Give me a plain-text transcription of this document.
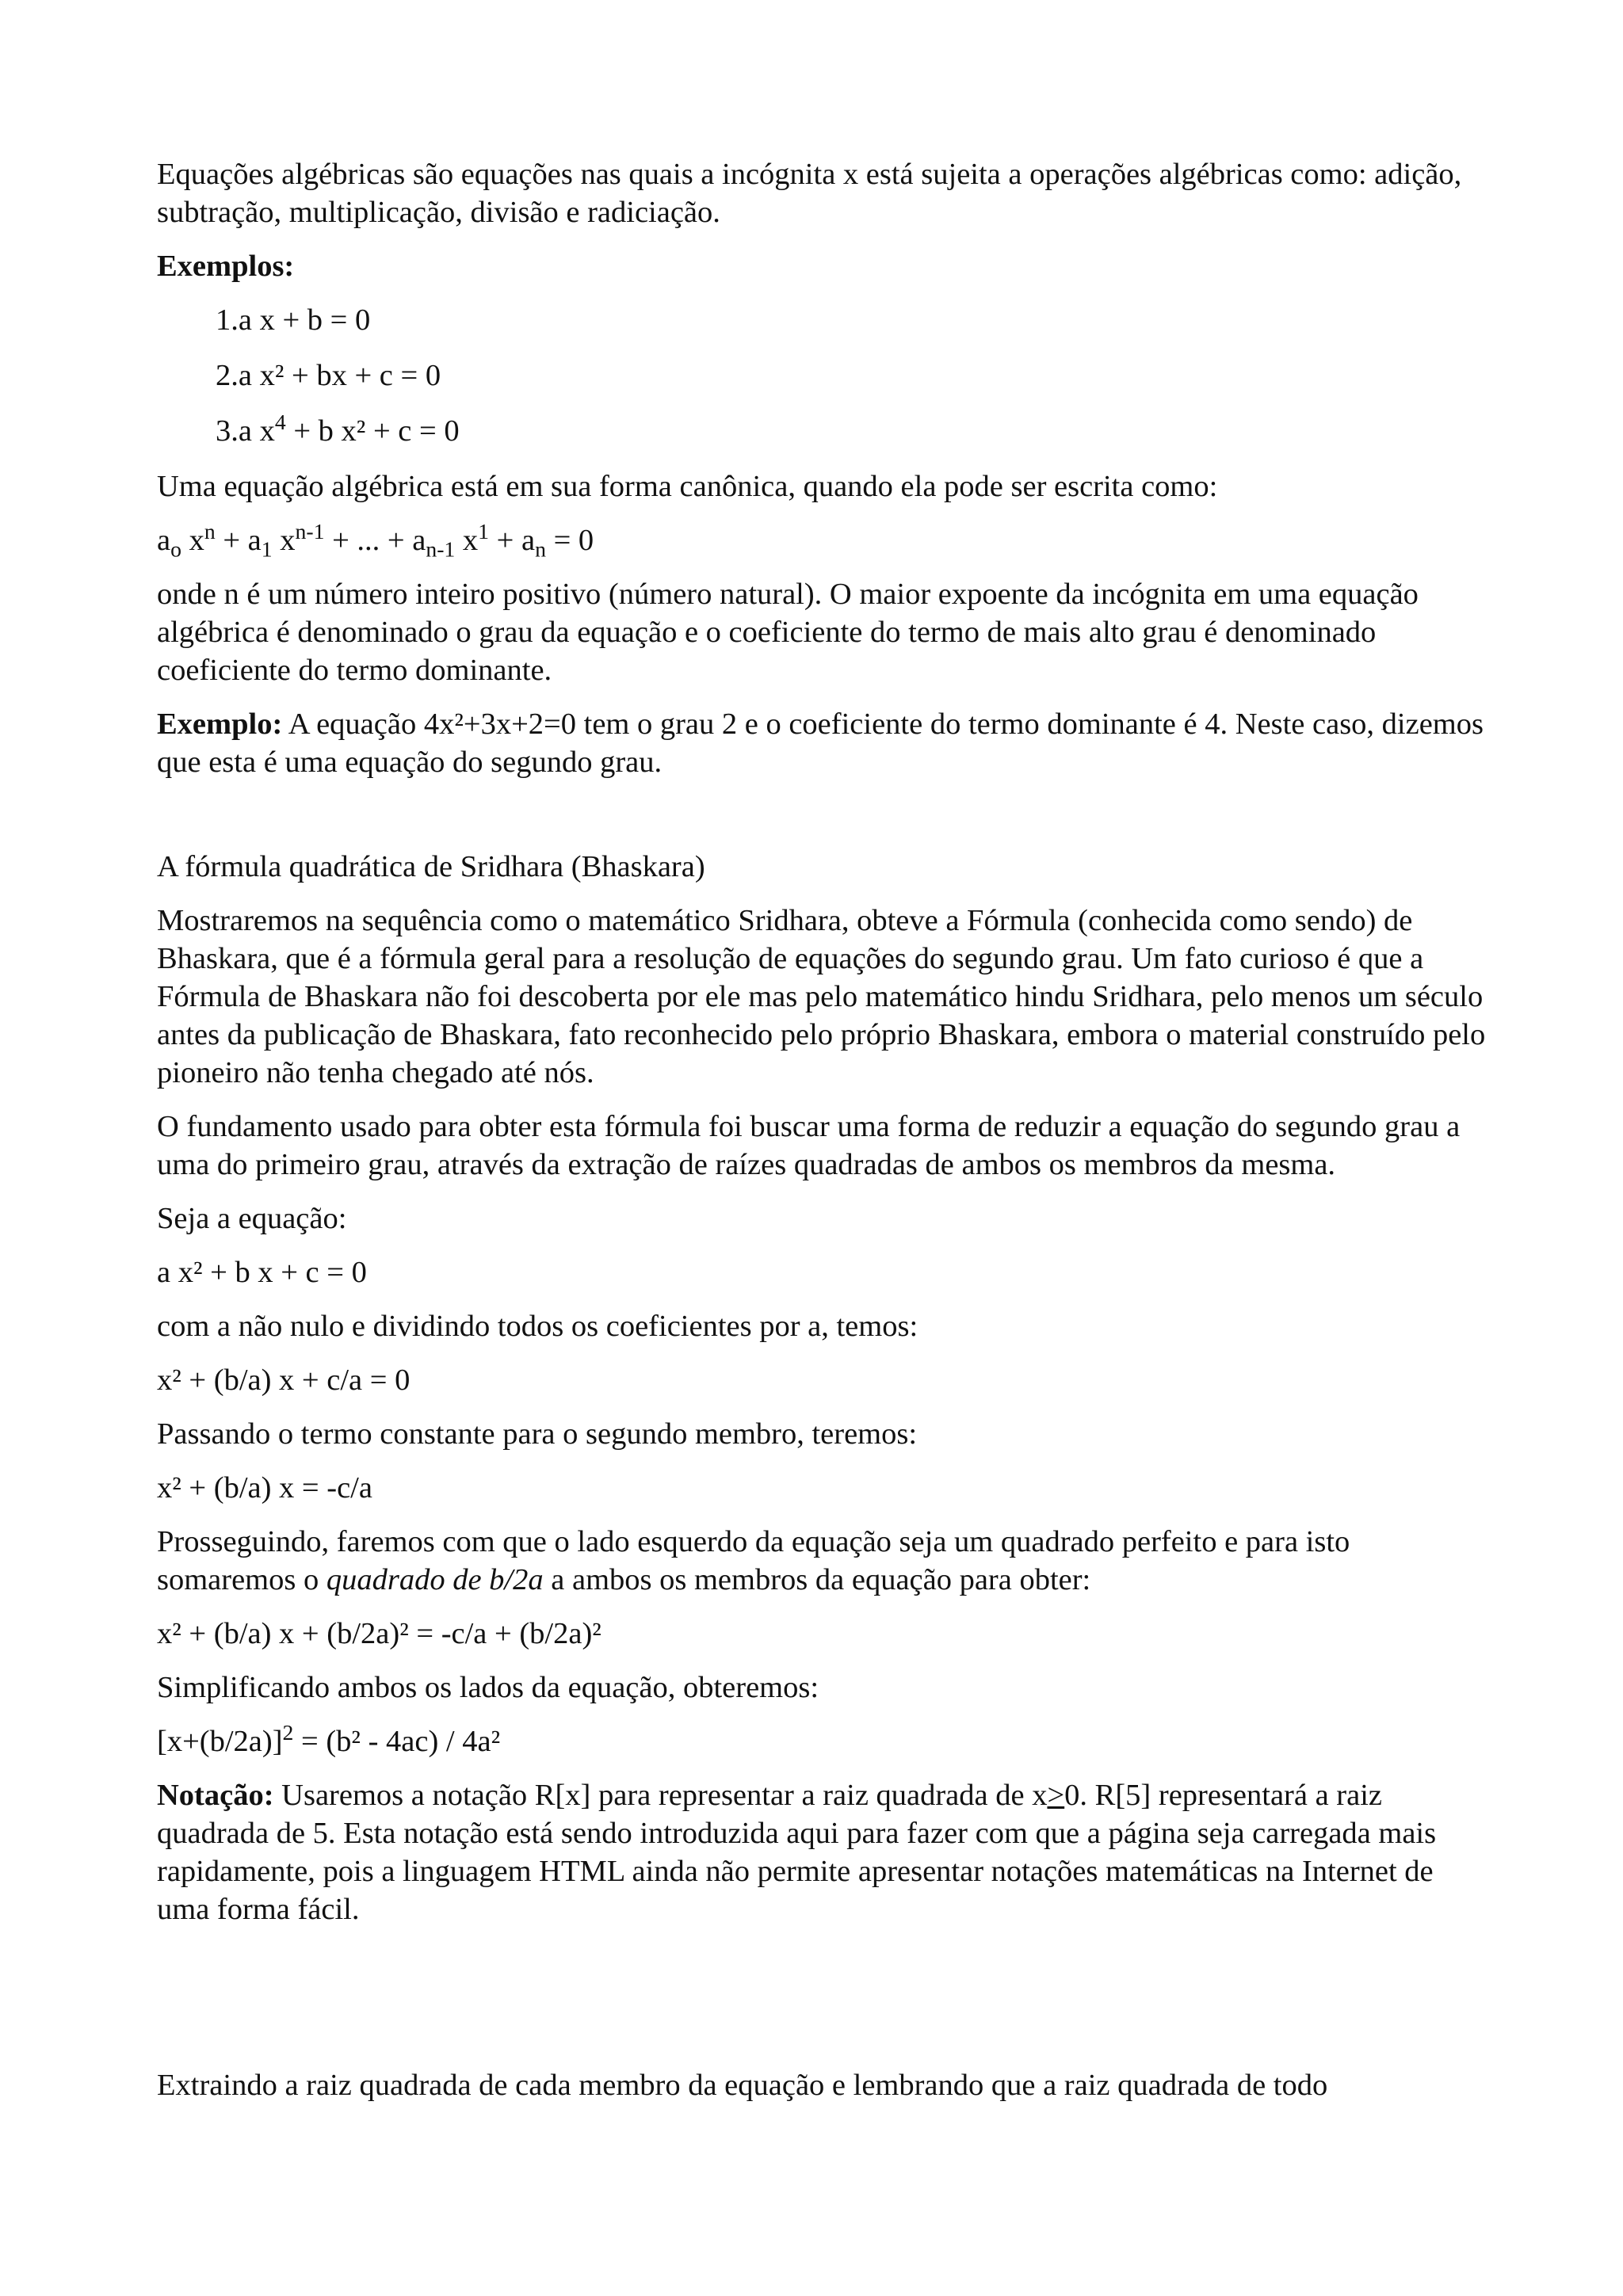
Equações algébricas são equações nas quais a incógnita x está sujeita a operações algébricas como: adição, subtração, multiplicação, divisão e radiciação.

Exemplos:

1.a x + b = 0
2.a x² + bx + c = 0
3.a $x^4 + b$ x² + c = 0

Uma equação algébrica está em sua forma canônica, quando ela pode ser escrita como:

$a_o$ $x^n + a_1$ $x^{n-1}$ + ... + $a_{n-1}$ $x^1 + a_n = 0$

onde n é um número inteiro positivo (número natural). O maior expoente da incógnita em uma equação algébrica é denominado o grau da equação e o coeficiente do termo de mais alto grau é denominado coeficiente do termo dominante.

Exemplo: A equação 4x²+3x+2=0 tem o grau 2 e o coeficiente do termo dominante é 4. Neste caso, dizemos que esta é uma equação do segundo grau.

A fórmula quadrática de Sridhara (Bhaskara)

Mostraremos na sequência como o matemático Sridhara, obteve a Fórmula (conhecida como sendo) de Bhaskara, que é a fórmula geral para a resolução de equações do segundo grau. Um fato curioso é que a Fórmula de Bhaskara não foi descoberta por ele mas pelo matemático hindu Sridhara, pelo menos um século antes da publicação de Bhaskara, fato reconhecido pelo próprio Bhaskara, embora o material construído pelo pioneiro não tenha chegado até nós.

O fundamento usado para obter esta fórmula foi buscar uma forma de reduzir a equação do segundo grau a uma do primeiro grau, através da extração de raízes quadradas de ambos os membros da mesma.

Seja a equação:

a x² + b x + c = 0

com a não nulo e dividindo todos os coeficientes por a, temos:

x² + (b/a) x + c/a = 0

Passando o termo constante para o segundo membro, teremos:

x² + (b/a) x = -c/a

Prosseguindo, faremos com que o lado esquerdo da equação seja um quadrado perfeito e para isto somaremos o quadrado de b/2a a ambos os membros da equação para obter:

x² + (b/a) x + (b/2a)² = -c/a + (b/2a)²

Simplificando ambos os lados da equação, obteremos:

$[x+(b/2a)]^2 = (b^2 - 4ac) / 4a^2$

Notação: Usaremos a notação R[x] para representar a raiz quadrada de x>0. R[5] representará a raiz quadrada de 5. Esta notação está sendo introduzida aqui para fazer com que a página seja carregada mais rapidamente, pois a linguagem HTML ainda não permite apresentar notações matemáticas na Internet de uma forma fácil.

Extraindo a raiz quadrada de cada membro da equação e lembrando que a raiz quadrada de todo
